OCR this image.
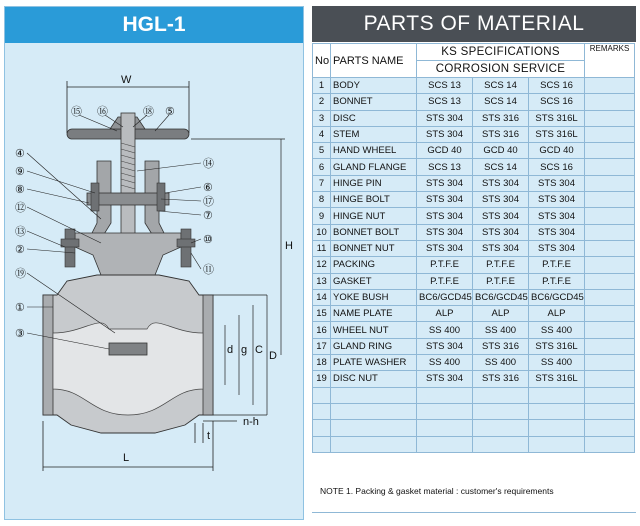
HGL-1
W
H
D
C
g
d
L
t
n-h
④
⑨
⑧
⑫
⑬
②
⑲
①
③
⑮ ⑯	⑱ ⑤
⑭
⑥
⑰
⑦
⑩
⑪
PARTS OF MATERIAL
No	PARTS NAME	KS SPECIFICATIONS			REMARKS
		CORROSION SERVICE			
1	BODY	SCS 13	SCS 14	SCS 16	
2	BONNET	SCS 13	SCS 14	SCS 16	
3	DISC	STS 304	STS 316	STS 316L	
4	STEM	STS 304	STS 316	STS 316L	
5	HAND WHEEL	GCD 40	GCD 40	GCD 40	
6	GLAND FLANGE	SCS 13	SCS 14	SCS 16	
7	HINGE PIN	STS 304	STS 304	STS 304	
8	HINGE BOLT	STS 304	STS 304	STS 304	
9	HINGE NUT	STS 304	STS 304	STS 304	
10	BONNET BOLT	STS 304	STS 304	STS 304	
11	BONNET NUT	STS 304	STS 304	STS 304	
12	PACKING	P.T.F.E	P.T.F.E	P.T.F.E	
13	GASKET	P.T.F.E	P.T.F.E	P.T.F.E	
14	YOKE BUSH	BC6/GCD45	BC6/GCD45	BC6/GCD45	
15	NAME PLATE	ALP	ALP	ALP	
16	WHEEL NUT	SS 400	SS 400	SS 400	
17	GLAND RING	STS 304	STS 316	STS 316L	
18	PLATE WASHER	SS 400	SS 400	SS 400	
19	DISC NUT	STS 304	STS 316	STS 316L	

NOTE 1. Packing & gasket material : customer's requirements
